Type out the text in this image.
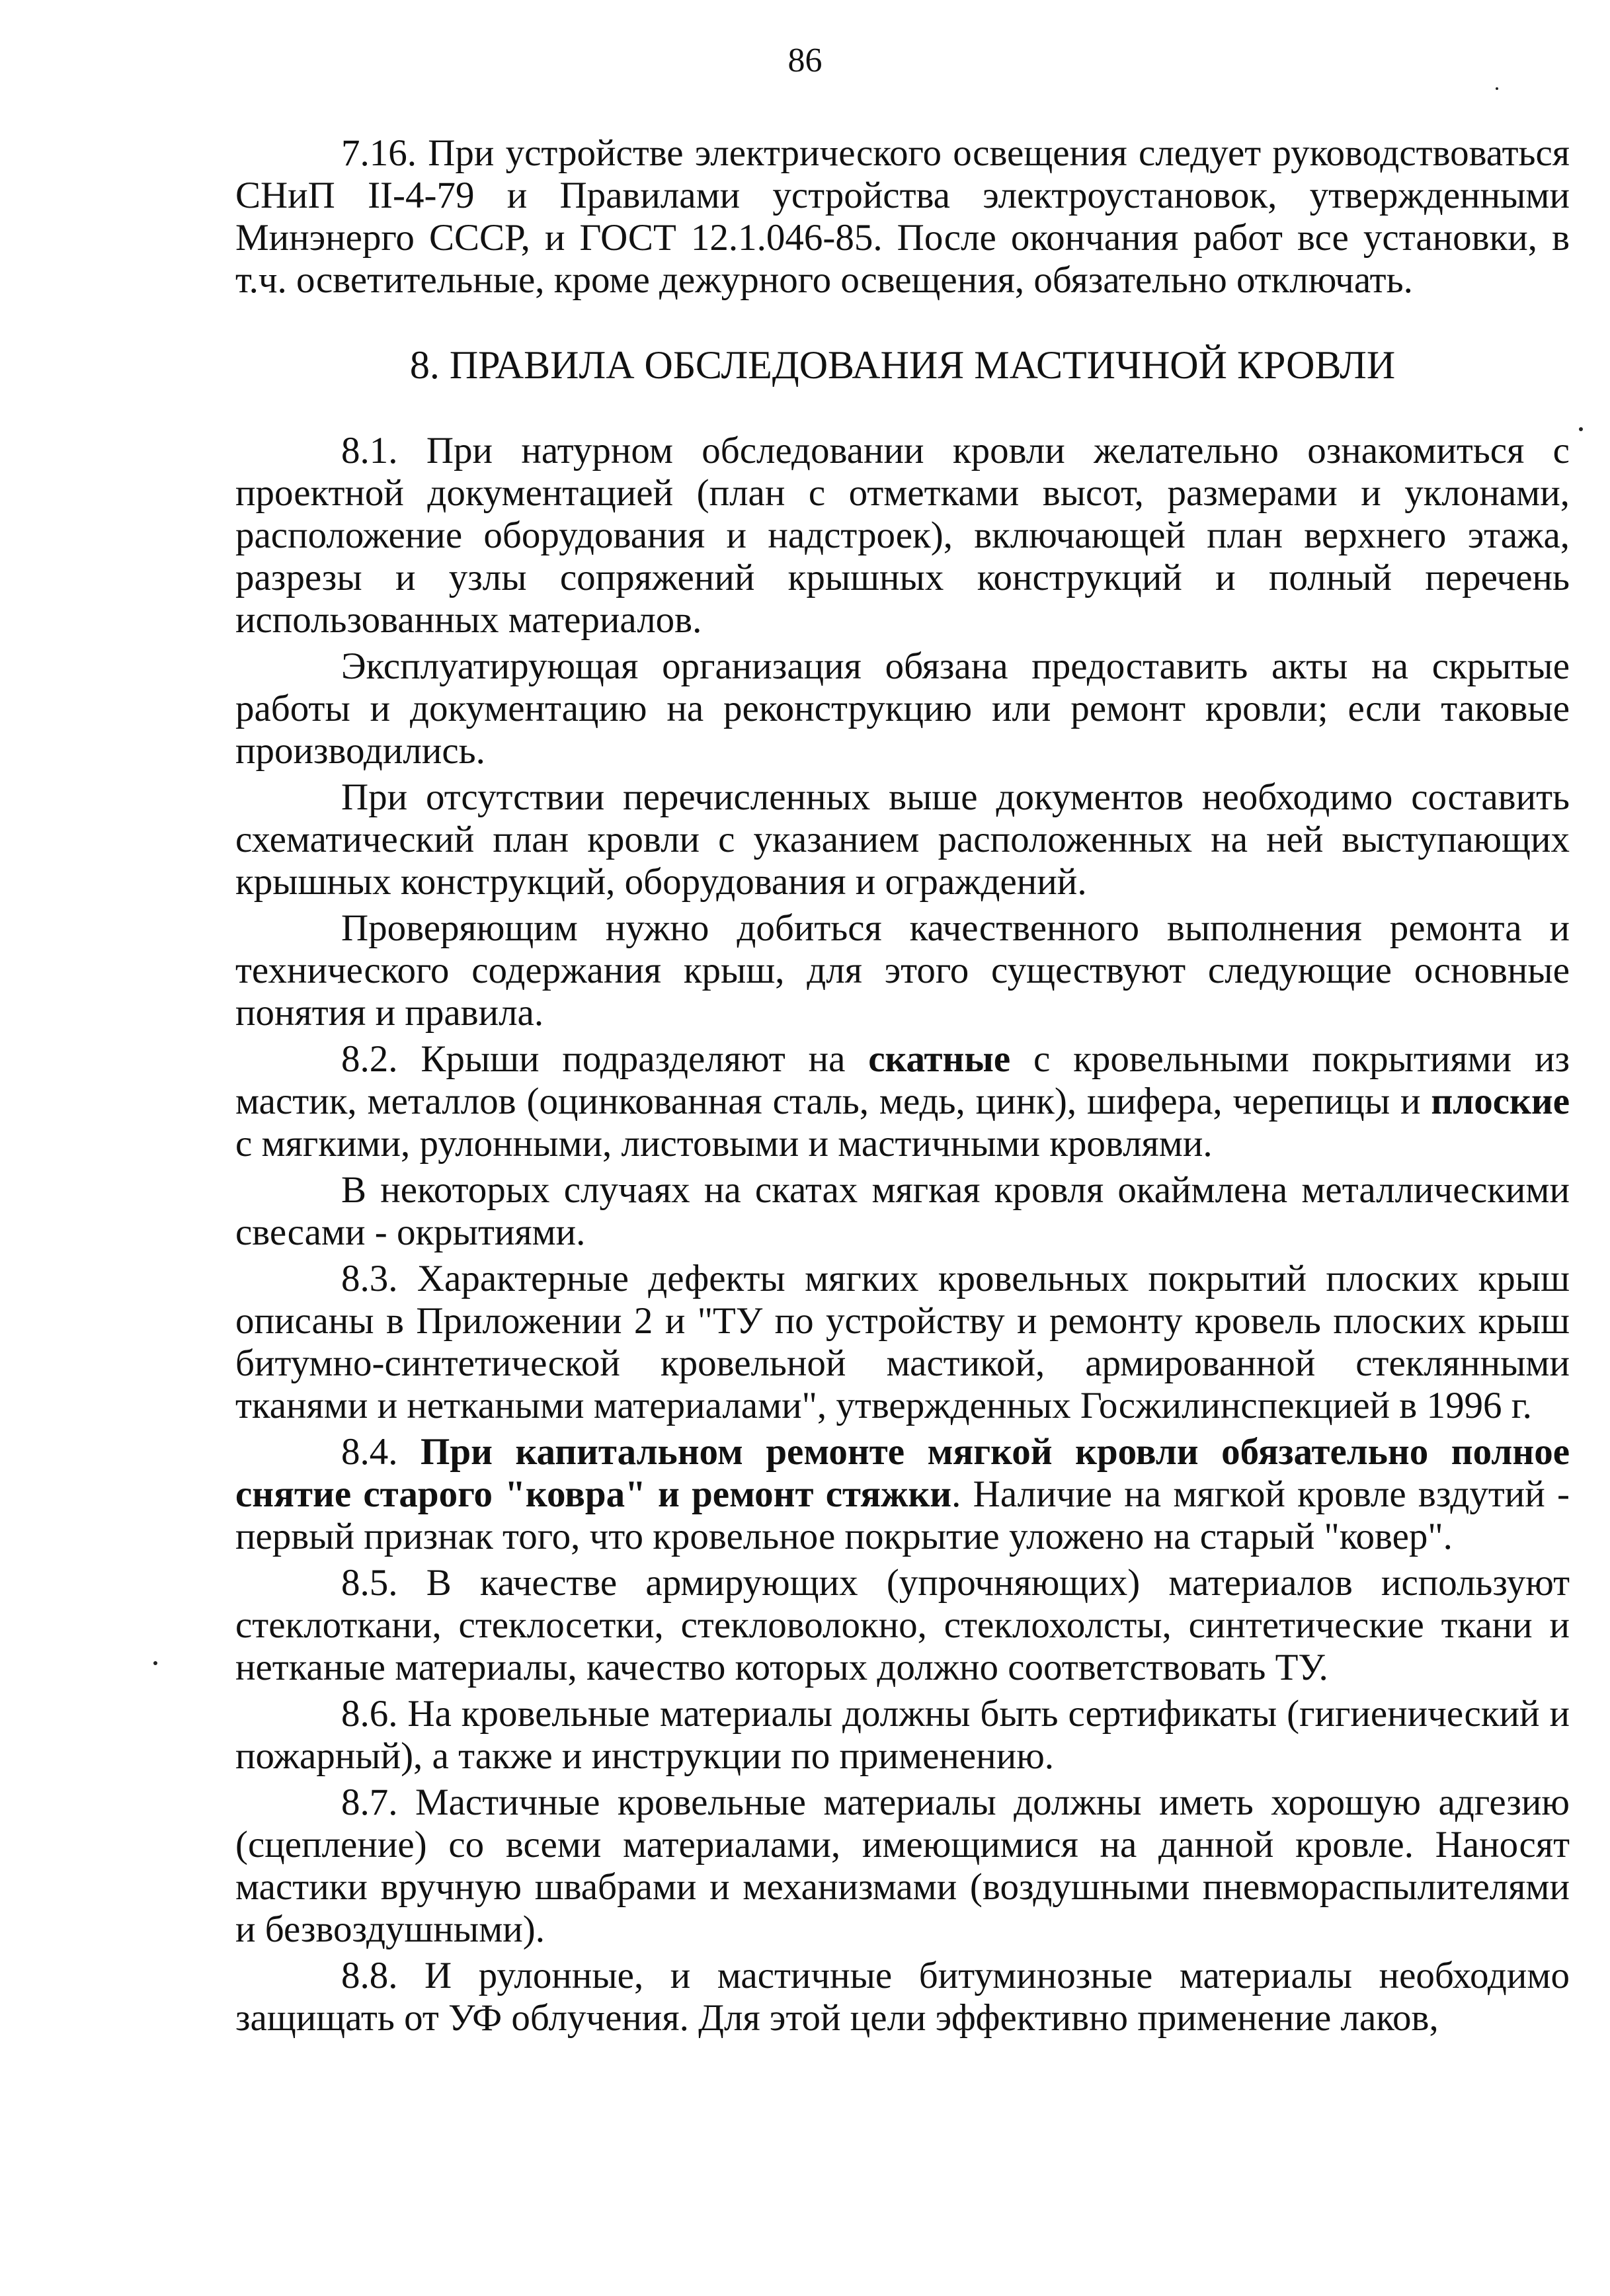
86

7.16. При устройстве электрического освещения следует руководствоваться СНиП II-4-79 и Правилами устройства электроустановок, утвержденными Минэнерго СССР, и ГОСТ 12.1.046-85. После окончания работ все установки, в т.ч. осветительные, кроме дежурного освещения, обязательно отключать.

8. ПРАВИЛА ОБСЛЕДОВАНИЯ МАСТИЧНОЙ КРОВЛИ

8.1. При натурном обследовании кровли желательно ознакомиться с проектной документацией (план с отметками высот, размерами и уклонами, расположение оборудования и надстроек), включающей план верхнего этажа, разрезы и узлы сопряжений крышных конструкций и полный перечень использованных материалов.

Эксплуатирующая организация обязана предоставить акты на скрытые работы и документацию на реконструкцию или ремонт кровли; если таковые производились.

При отсутствии перечисленных выше документов необходимо составить схематический план кровли с указанием расположенных на ней выступающих крышных конструкций, оборудования и ограждений.

Проверяющим нужно добиться качественного выполнения ремонта и технического содержания крыш, для этого существуют следующие основные понятия и правила.

8.2. Крыши подразделяют на скатные с кровельными покрытиями из мастик, металлов (оцинкованная сталь, медь, цинк), шифера, черепицы и плоские с мягкими, рулонными, листовыми и мастичными кровлями.

В некоторых случаях на скатах мягкая кровля окаймлена металлическими свесами - окрытиями.

8.3. Характерные дефекты мягких кровельных покрытий плоских крыш описаны в Приложении 2 и "ТУ по устройству и ремонту кровель плоских крыш битумно-синтетической кровельной мастикой, армированной стеклянными тканями и неткаными материалами", утвержденных Госжилинспекцией в 1996 г.

8.4. При капитальном ремонте мягкой кровли обязательно полное снятие старого "ковра" и ремонт стяжки. Наличие на мягкой кровле вздутий - первый признак того, что кровельное покрытие уложено на старый "ковер".

8.5. В качестве армирующих (упрочняющих) материалов используют стеклоткани, стеклосетки, стекловолокно, стеклохолсты, синтетические ткани и нетканые материалы, качество которых должно соответствовать ТУ.

8.6. На кровельные материалы должны быть сертификаты (гигиенический и пожарный), а также и инструкции по применению.

8.7. Мастичные кровельные материалы должны иметь хорошую адгезию (сцепление) со всеми материалами, имеющимися на данной кровле. Наносят мастики вручную швабрами и механизмами (воздушными пневмораспылителями и безвоздушными).

8.8. И рулонные, и мастичные битуминозные материалы необходимо защищать от УФ облучения. Для этой цели эффективно применение лаков,
